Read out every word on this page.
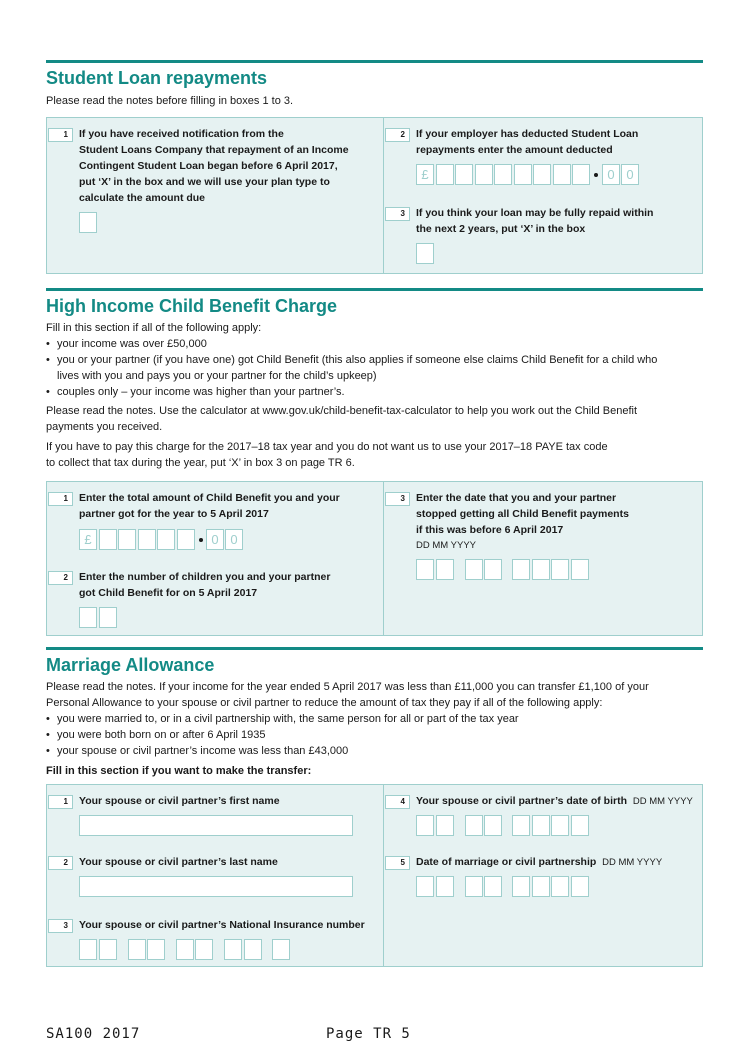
Student Loan repayments

Please read the notes before filling in boxes 1 to 3.

1	If you have received notification from the
Student Loans Company that repayment of an Income
Contingent Student Loan began before 6 April 2017,
put ‘X’ in the box and we will use your plan type to
calculate the amount due

2	If your employer has deducted Student Loan
repayments enter the amount deducted

£	0 0
3	If you think your loan may be fully repaid within
the next 2 years, put ‘X’ in the box

High Income Child Benefit Charge

Fill in this section if all of the following apply:

your income was over £50,000

you or your partner (if you have one) got Child Benefit (this also applies if someone else claims Child Benefit for a child who

lives with you and pays you or your partner for the child’s upkeep)

couples only – your income was higher than your partner’s.

Please read the notes. Use the calculator at www.gov.uk/child-benefit-tax-calculator to help you work out the Child Benefit
payments you received.

If you have to pay this charge for the 2017–18 tax year and you do not want us to use your 2017–18 PAYE tax code
to collect that tax during the year, put ‘X’ in box 3 on page TR 6.

1	Enter the total amount of Child Benefit you and your
partner got for the year to 5 April 2017

£	0 0
2	Enter the number of children you and your partner
got Child Benefit for on 5 April 2017

3	Enter the date that you and your partner
stopped getting all Child Benefit payments
if this was before 6 April 2017

DD MM YYYY

Marriage Allowance

Please read the notes. If your income for the year ended 5 April 2017 was less than £11,000 you can transfer £1,100 of your
Personal Allowance to your spouse or civil partner to reduce the amount of tax they pay if all of the following apply:

you were married to, or in a civil partnership with, the same person for all or part of the tax year

you were both born on or after 6 April 1935

your spouse or civil partner’s income was less than £43,000

Fill in this section if you want to make the transfer:

1	Your spouse or civil partner’s first name

2	Your spouse or civil partner’s last name

3	Your spouse or civil partner’s National Insurance number

4	Your spouse or civil partner’s date of birth DD MM YYYY

5	Date of marriage or civil partnership DD MM YYYY

SA100 2017	Page TR 5
